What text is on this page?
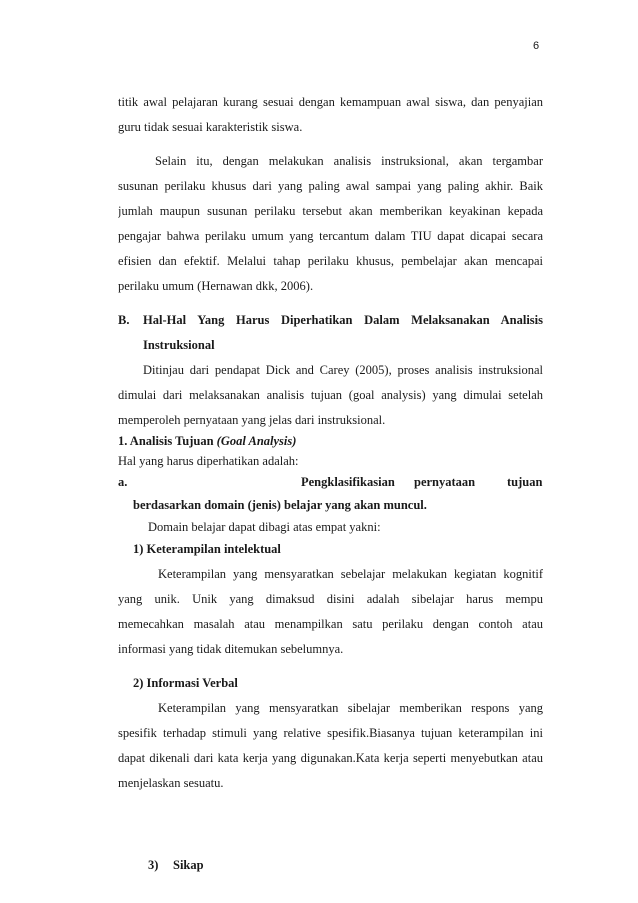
6
titik awal pelajaran kurang sesuai dengan kemampuan awal siswa, dan penyajian
guru tidak sesuai karakteristik siswa.
Selain itu, dengan melakukan analisis instruksional, akan tergambar
susunan perilaku khusus dari yang paling awal sampai yang paling akhir. Baik
jumlah maupun susunan perilaku tersebut akan memberikan keyakinan kepada
pengajar bahwa perilaku umum yang tercantum dalam TIU dapat dicapai secara
efisien dan efektif. Melalui tahap perilaku khusus, pembelajar akan mencapai
perilaku umum (Hernawan dkk, 2006).
B. Hal-Hal Yang Harus Diperhatikan Dalam Melaksanakan Analisis
Instruksional
Ditinjau dari pendapat Dick and Carey (2005), proses analisis instruksional
dimulai dari melaksanakan analisis tujuan (goal analysis) yang dimulai setelah
memperoleh pernyataan yang jelas dari instruksional.
1. Analisis Tujuan (Goal Analysis)
Hal yang harus diperhatikan adalah:
a.	Pengklasifikasian pernyataan	tujuan
berdasarkan domain (jenis) belajar yang akan muncul.
Domain belajar dapat dibagi atas empat yakni:
1) Keterampilan intelektual
Keterampilan yang mensyaratkan sebelajar melakukan kegiatan kognitif
yang unik. Unik yang dimaksud disini adalah sibelajar harus mempu
memecahkan masalah atau menampilkan satu perilaku dengan contoh atau
informasi yang tidak ditemukan sebelumnya.
2) Informasi Verbal
Keterampilan yang mensyaratkan sibelajar memberikan respons yang
spesifik terhadap stimuli yang relative spesifik.Biasanya tujuan keterampilan ini
dapat dikenali dari kata kerja yang digunakan.Kata kerja seperti menyebutkan atau
menjelaskan sesuatu.
3) Sikap
